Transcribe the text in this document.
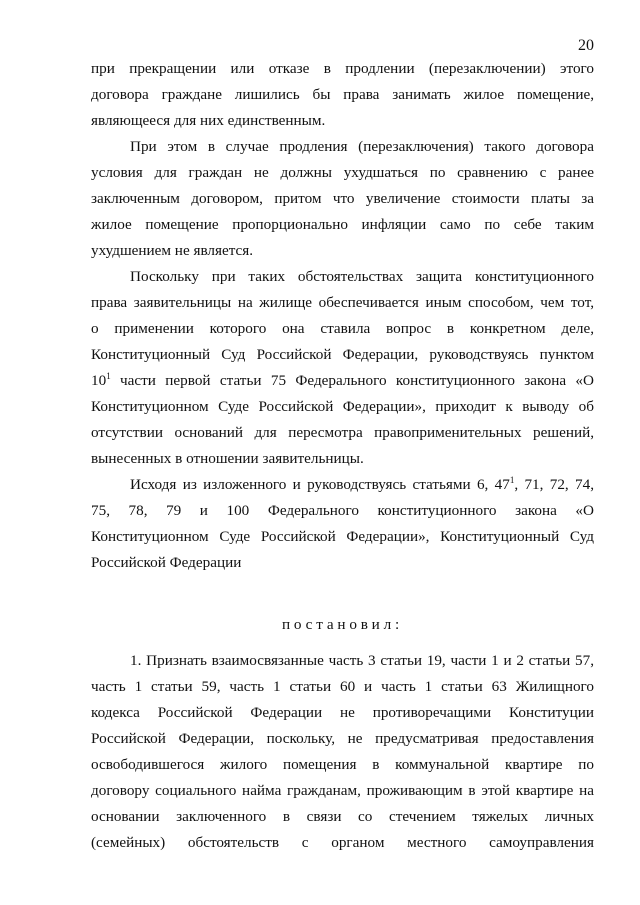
20
при прекращении или отказе в продлении (перезаключении) этого
договора граждане лишились бы права занимать жилое помещение,
являющееся для них единственным.
При этом в случае продления (перезаключения) такого договора
условия для граждан не должны ухудшаться по сравнению с ранее
заключенным договором, притом что увеличение стоимости платы за
жилое помещение пропорционально инфляции само по себе таким
ухудшением не является.
Поскольку при таких обстоятельствах защита конституционного
права заявительницы на жилище обеспечивается иным способом, чем тот,
о применении которого она ставила вопрос в конкретном деле,
Конституционный Суд Российской Федерации, руководствуясь пунктом
$10^1$ части первой статьи 75 Федерального конституционного закона «О
Конституционном Суде Российской Федерации», приходит к выводу об
отсутствии оснований для пересмотра правоприменительных решений,
вынесенных в отношении заявительницы.
Исходя из изложенного и руководствуясь статьями 6, $47^1$, 71, 72, 74,
75, 78, 79 и 100 Федерального конституционного закона «О
Конституционном Суде Российской Федерации», Конституционный Суд
Российской Федерации
постановил:
1. Признать взаимосвязанные часть 3 статьи 19, части 1 и 2 статьи 57,
часть 1 статьи 59, часть 1 статьи 60 и часть 1 статьи 63 Жилищного
кодекса Российской Федерации не противоречащими Конституции
Российской Федерации, поскольку, не предусматривая предоставления
освободившегося жилого помещения в коммунальной квартире по
договору социального найма гражданам, проживающим в этой квартире на
основании заключенного в связи со стечением тяжелых личных
(семейных) обстоятельств с органом местного самоуправления
